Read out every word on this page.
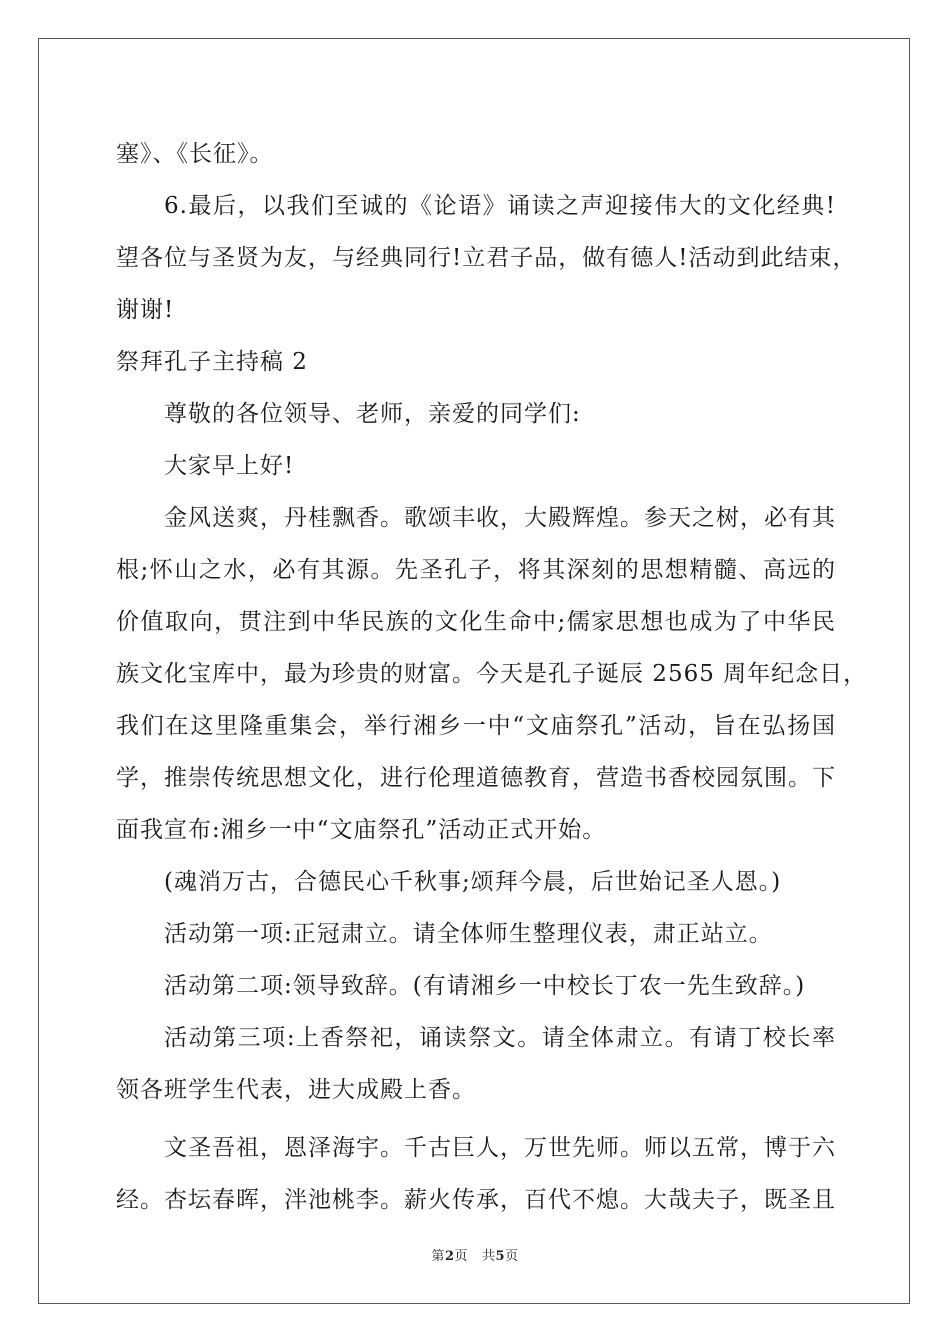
塞》、《长征》。
6.最后，以我们至诚的《论语》诵读之声迎接伟大的文化经典!
望各位与圣贤为友，与经典同行!立君子品，做有德人!活动到此结束，
谢谢!
祭拜孔子主持稿 2
尊敬的各位领导、老师，亲爱的同学们:
大家早上好!
金风送爽，丹桂飘香。歌颂丰收，大殿辉煌。参天之树，必有其
根;怀山之水，必有其源。先圣孔子，将其深刻的思想精髓、高远的
价值取向，贯注到中华民族的文化生命中;儒家思想也成为了中华民
族文化宝库中，最为珍贵的财富。今天是孔子诞辰 2565 周年纪念日，
我们在这里隆重集会，举行湘乡一中“文庙祭孔”活动，旨在弘扬国
学，推崇传统思想文化，进行伦理道德教育，营造书香校园氛围。下
面我宣布:湘乡一中“文庙祭孔”活动正式开始。
(魂消万古，合德民心千秋事;颂拜今晨，后世始记圣人恩。)
活动第一项:正冠肃立。请全体师生整理仪表，肃正站立。
活动第二项:领导致辞。(有请湘乡一中校长丁农一先生致辞。)
活动第三项:上香祭祀，诵读祭文。请全体肃立。有请丁校长率
领各班学生代表，进大成殿上香。
文圣吾祖，恩泽海宇。千古巨人，万世先师。师以五常，博于六
经。杏坛春晖，泮池桃李。薪火传承，百代不熄。大哉夫子，既圣且
第2页 共5页
